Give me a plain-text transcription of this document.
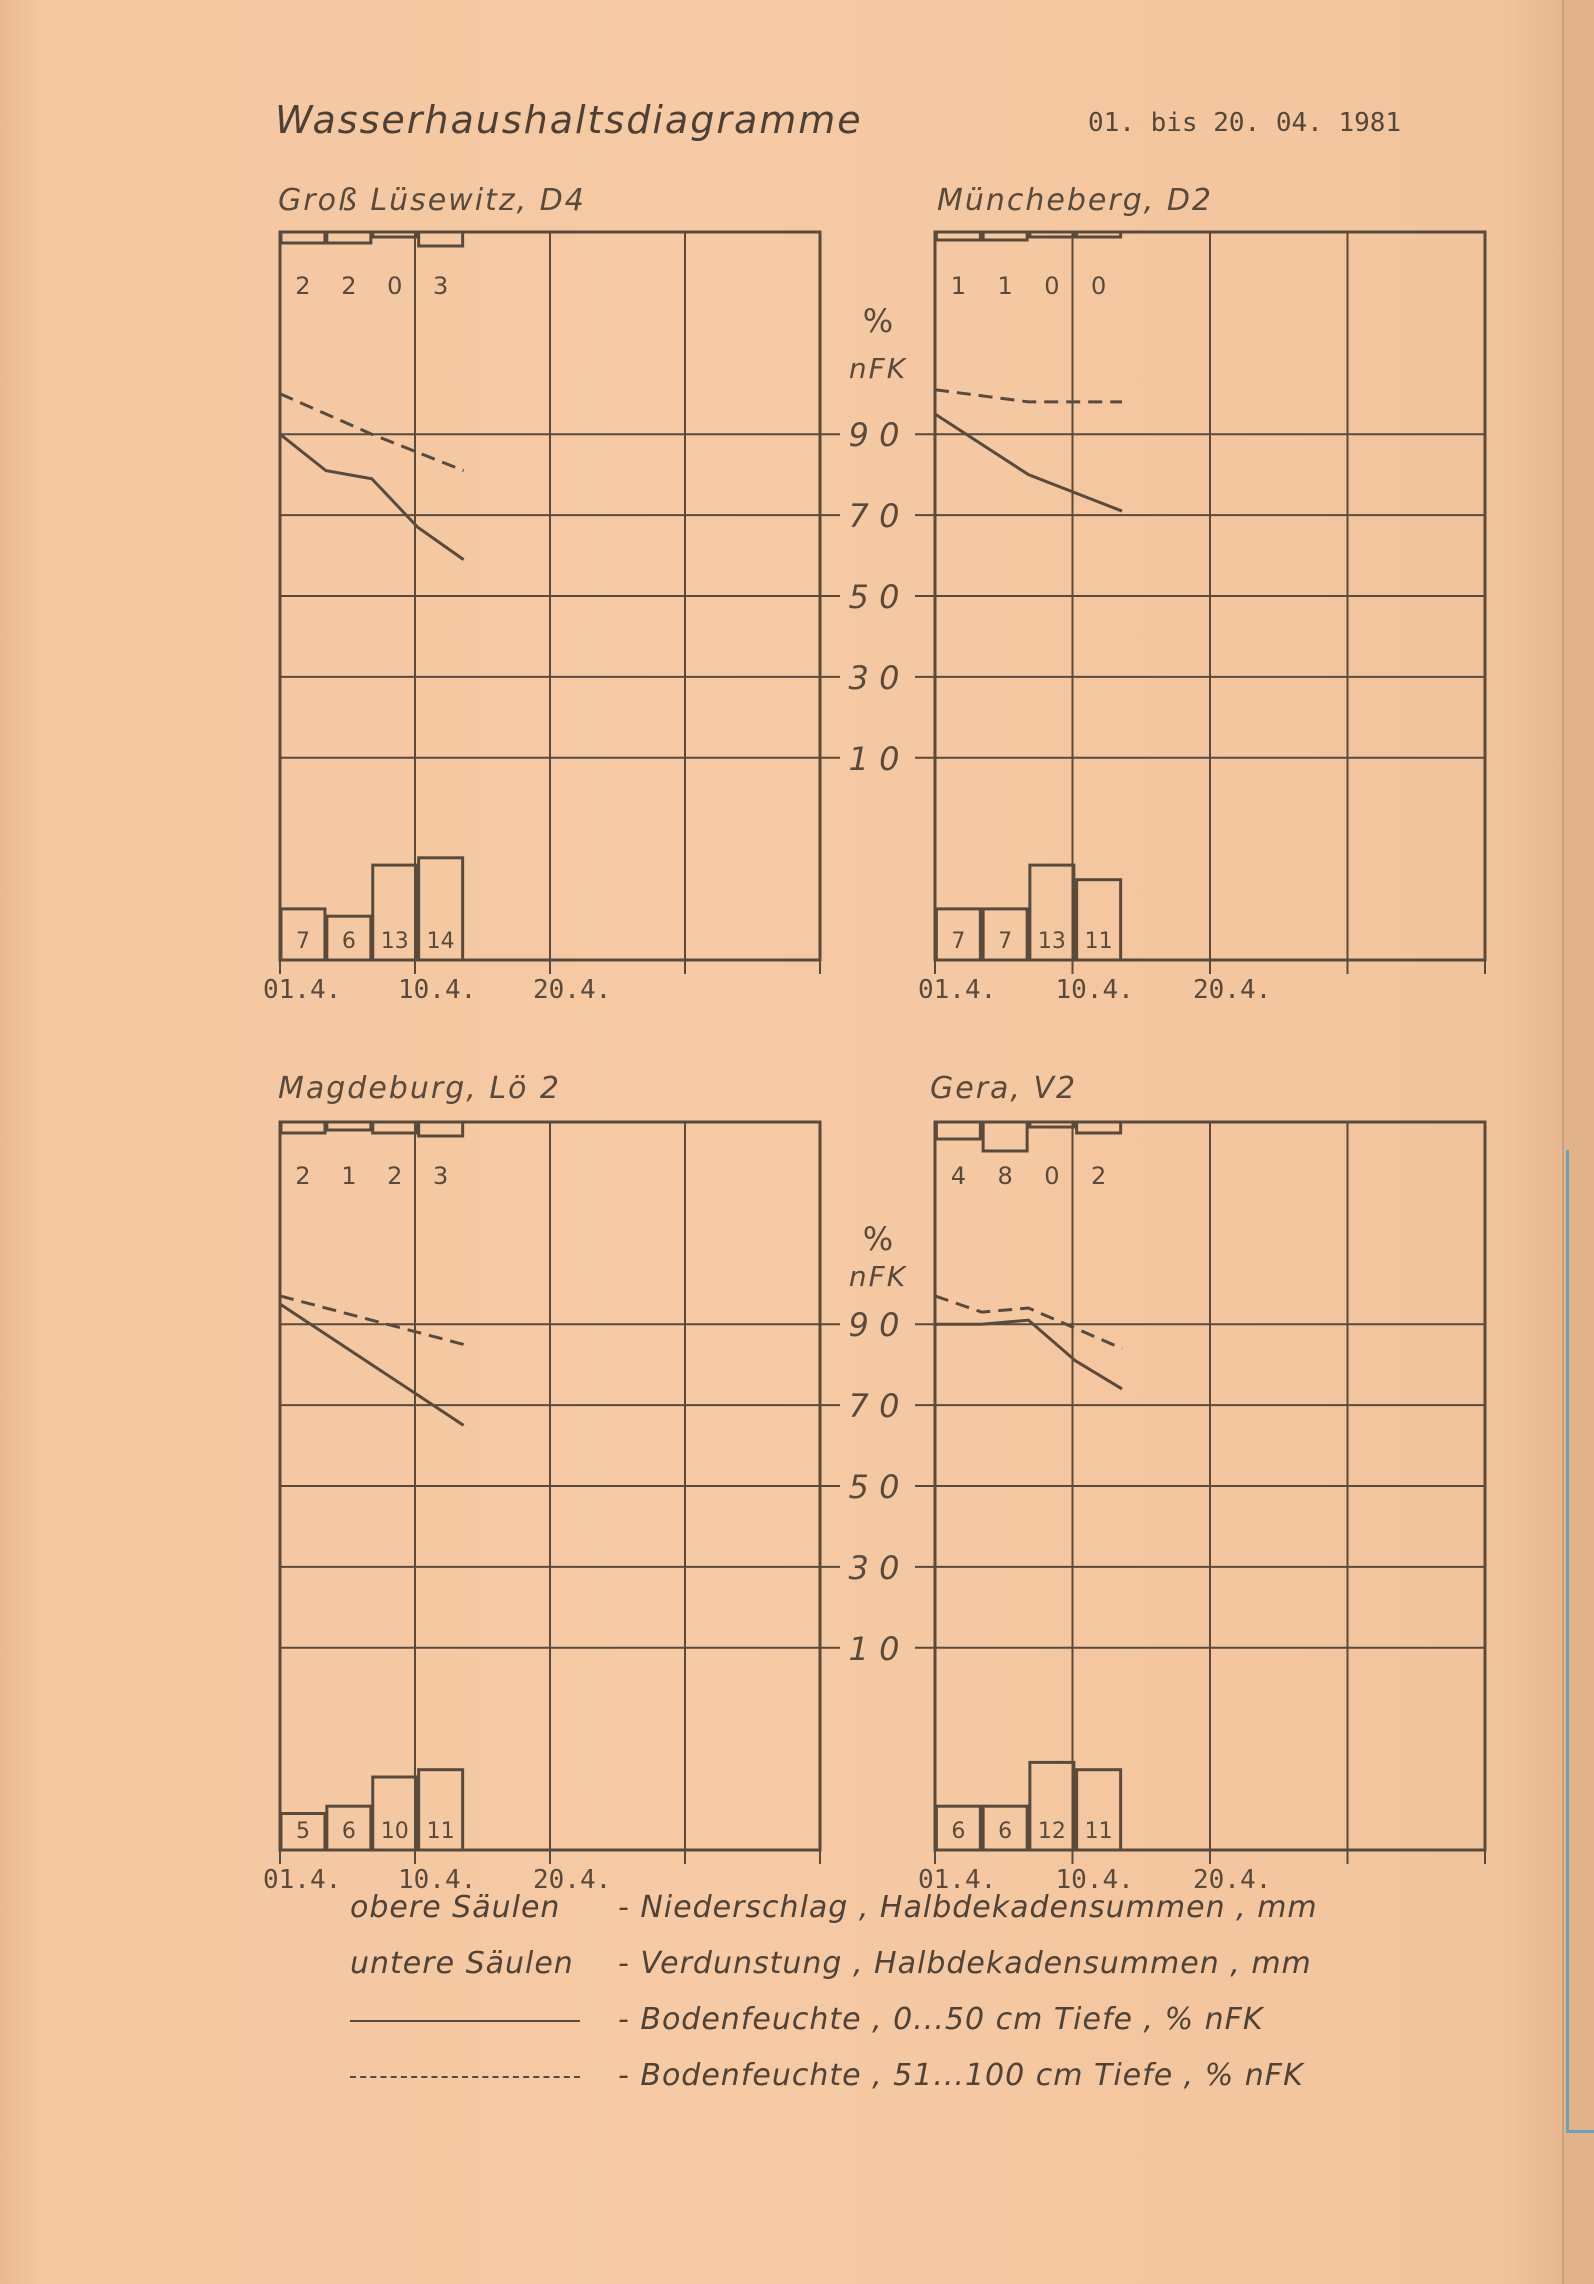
Wasserhaushaltsdiagramme	01. bis 20. 04. 1981
Groß Lüsewitz, D4
2 2 0 3
7 6 13 14
01.4. 10.4. 20.4.
Müncheberg, D2
1 1 0 0
7 7 13 11
01.4. 10.4. 20.4.
Magdeburg, Lö 2
2 1 2 3
5 6 10 11
01.4. 10.4. 20.4.
Gera, V2
4 8 0 2
6 6 12 11
01.4. 10.4. 20.4.
%
nFK
9 0
7 0
5 0
3 0
1 0
%
nFK
9 0
7 0
5 0
3 0
1 0
obere Säulen - Niederschlag , Halbdekadensummen , mm
untere Säulen - Verdunstung , Halbdekadensummen , mm
- Bodenfeuchte , 0...50 cm Tiefe , % nFK
- Bodenfeuchte , 51...100 cm Tiefe , % nFK
